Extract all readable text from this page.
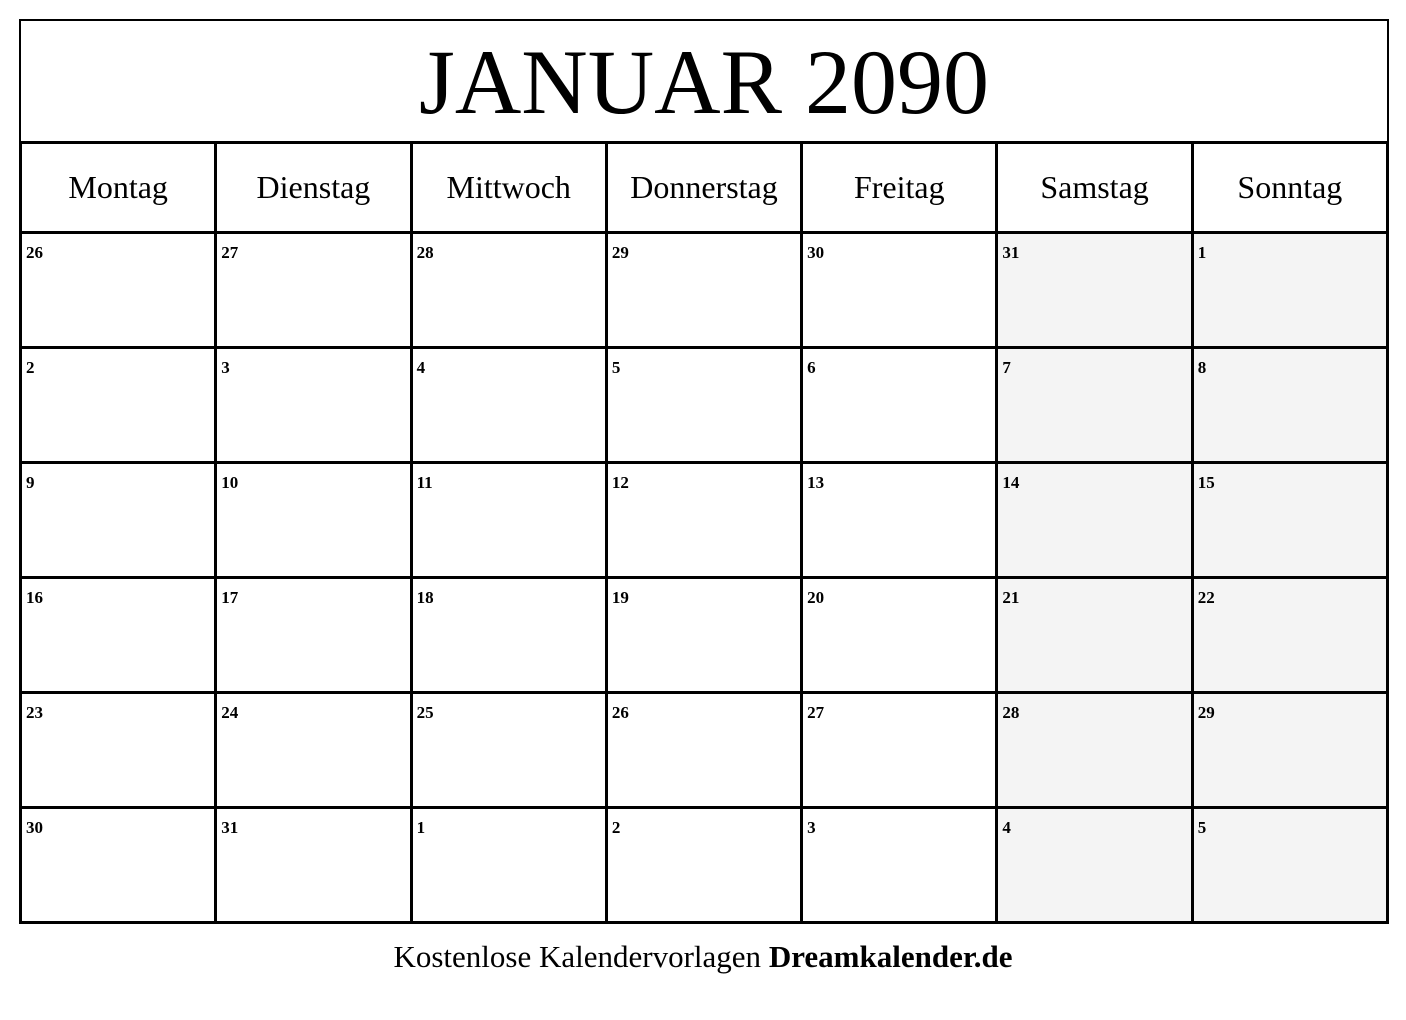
JANUAR 2090
Montag	Dienstag	Mittwoch	Donnerstag	Freitag	Samstag	Sonntag

26	27	28	29	30	31	1

2	3	4	5	6	7	8

9	10	11	12	13	14	15

16	17	18	19	20	21	22

23	24	25	26	27	28	29

30	31	1	2	3	4	5
Kostenlose Kalendervorlagen Dreamkalender.de
